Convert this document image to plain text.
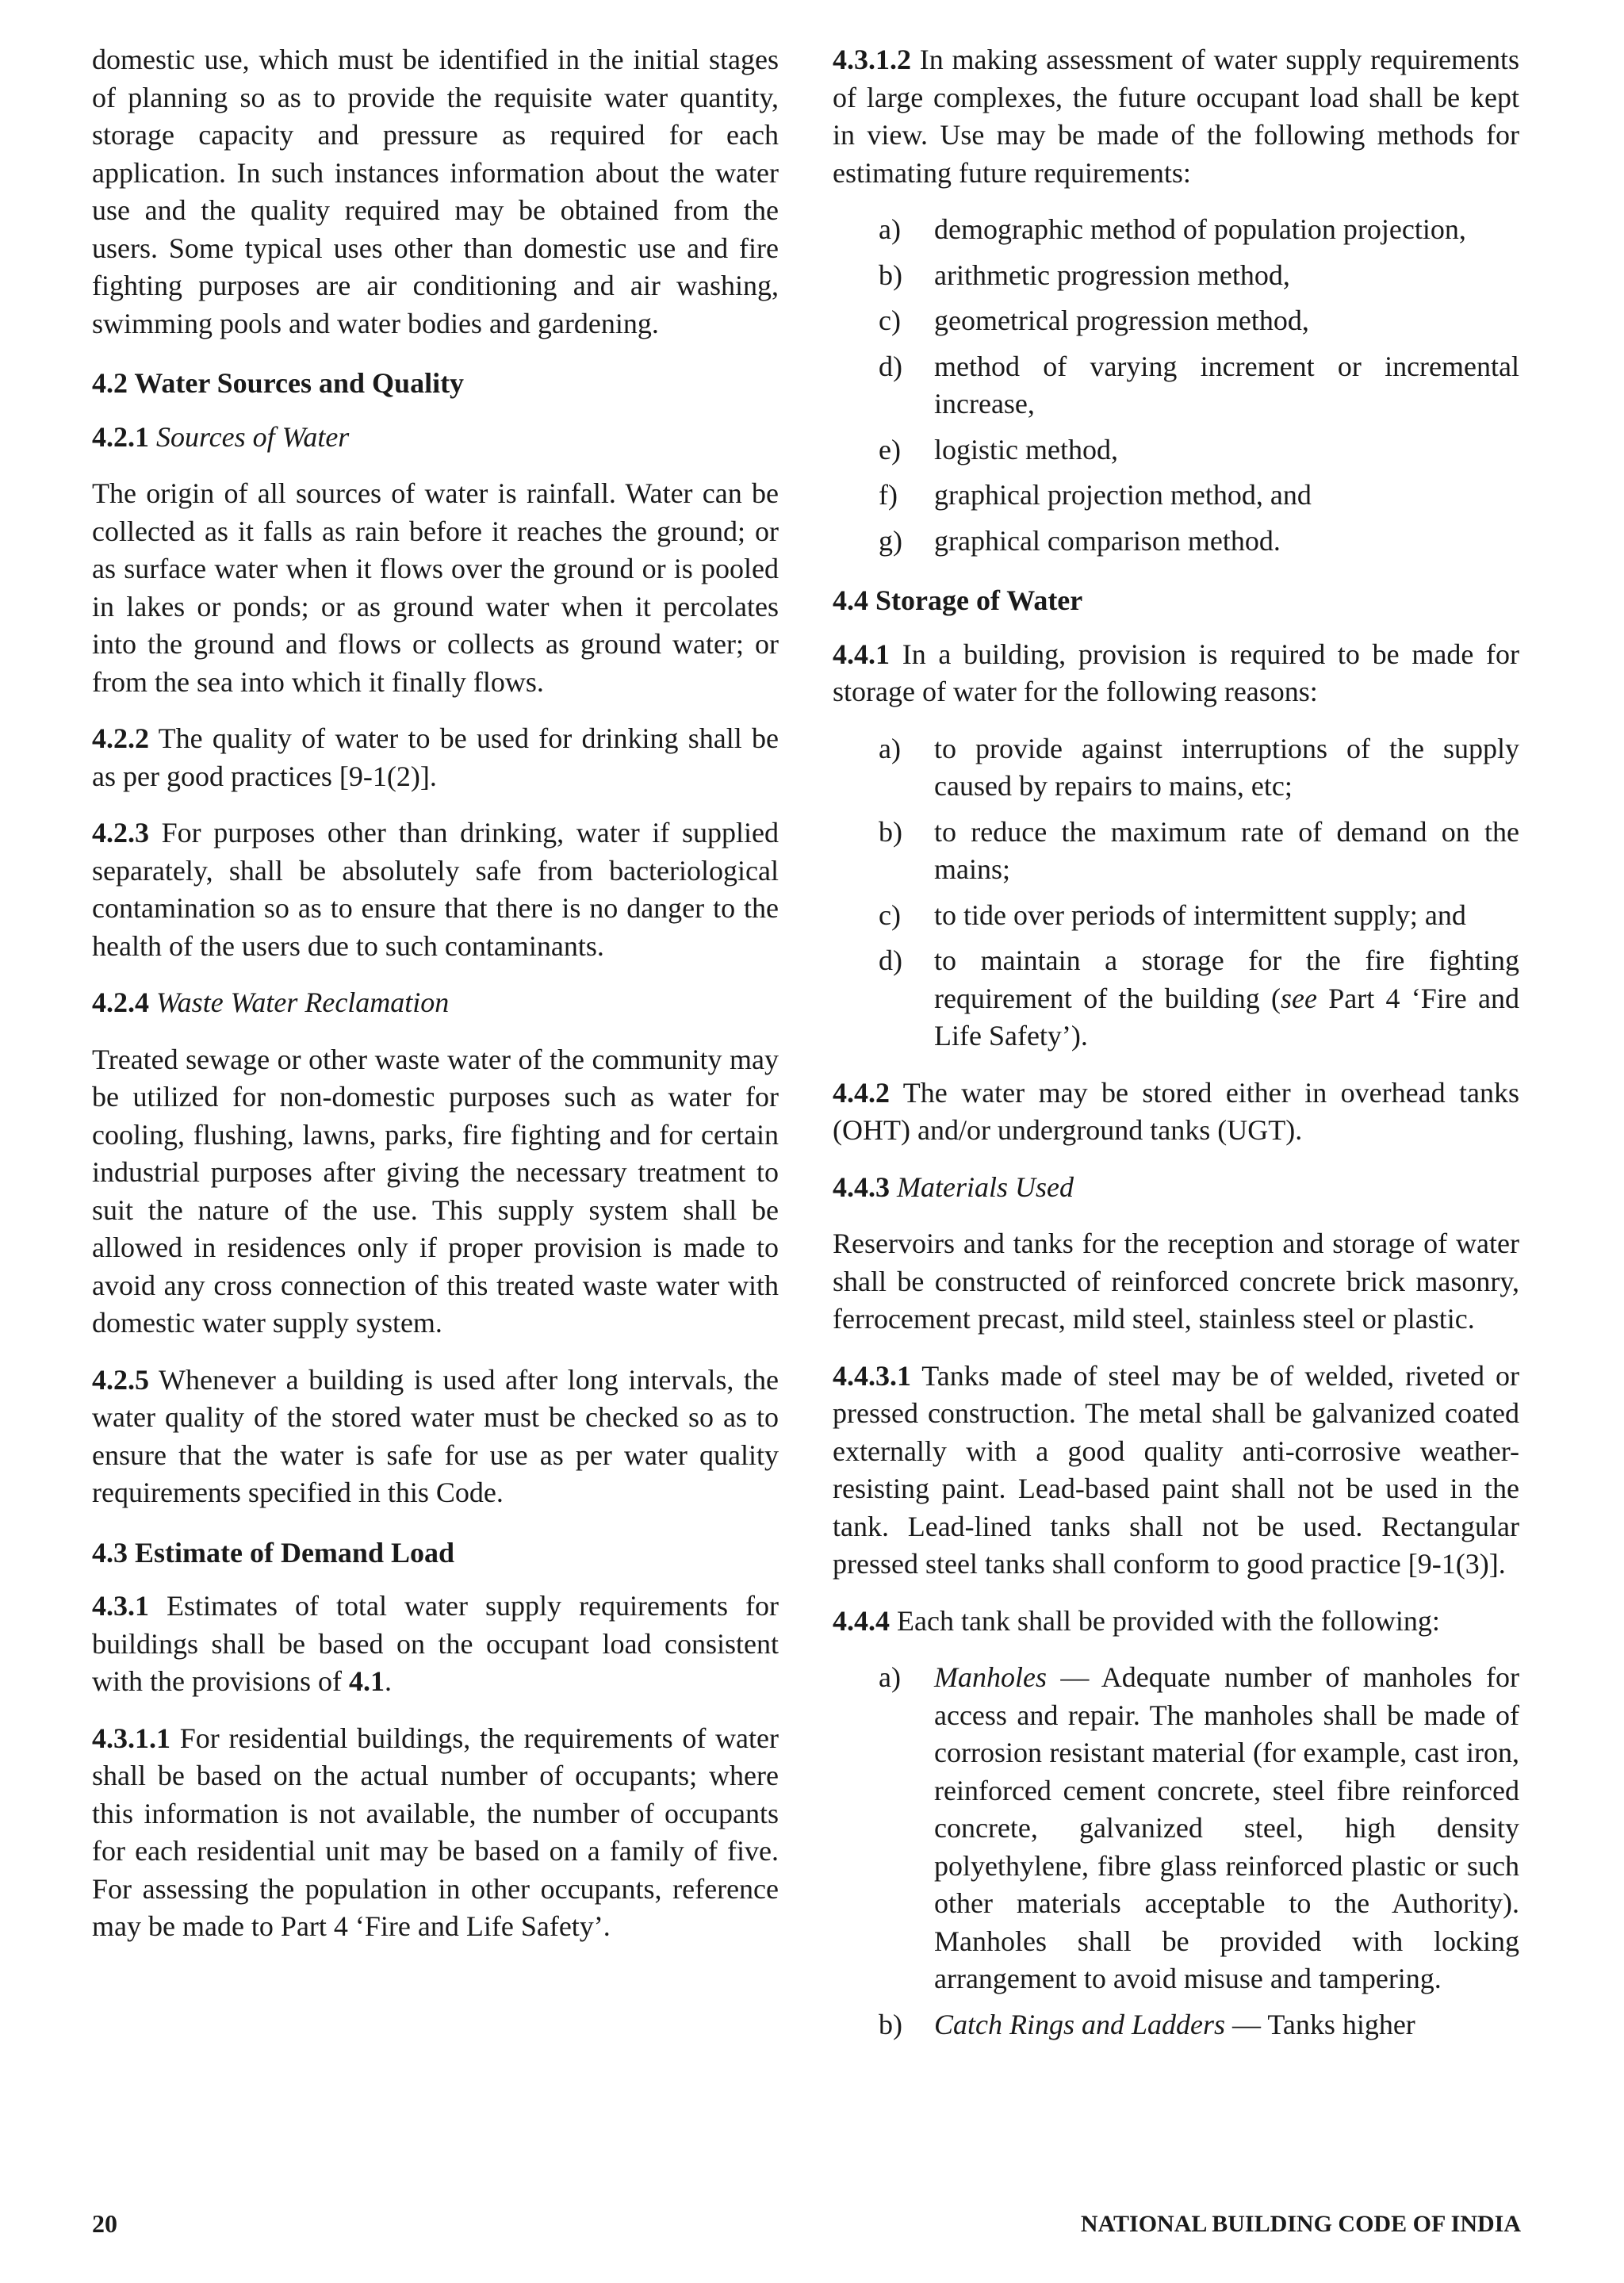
domestic use, which must be identified in the initial stages of planning so as to provide the requisite water quantity, storage capacity and pressure as required for each application. In such instances information about the water use and the quality required may be obtained from the users. Some typical uses other than domestic use and fire fighting purposes are air conditioning and air washing, swimming pools and water bodies and gardening.

4.2 Water Sources and Quality

4.2.1 Sources of Water

The origin of all sources of water is rainfall. Water can be collected as it falls as rain before it reaches the ground; or as surface water when it flows over the ground or is pooled in lakes or ponds; or as ground water when it percolates into the ground and flows or collects as ground water; or from the sea into which it finally flows.

4.2.2 The quality of water to be used for drinking shall be as per good practices [9-1(2)].

4.2.3 For purposes other than drinking, water if supplied separately, shall be absolutely safe from bacteriological contamination so as to ensure that there is no danger to the health of the users due to such contaminants.

4.2.4 Waste Water Reclamation

Treated sewage or other waste water of the community may be utilized for non-domestic purposes such as water for cooling, flushing, lawns, parks, fire fighting and for certain industrial purposes after giving the necessary treatment to suit the nature of the use. This supply system shall be allowed in residences only if proper provision is made to avoid any cross connection of this treated waste water with domestic water supply system.

4.2.5 Whenever a building is used after long intervals, the water quality of the stored water must be checked so as to ensure that the water is safe for use as per water quality requirements specified in this Code.

4.3 Estimate of Demand Load

4.3.1 Estimates of total water supply requirements for buildings shall be based on the occupant load consistent with the provisions of 4.1.

4.3.1.1 For residential buildings, the requirements of water shall be based on the actual number of occupants; where this information is not available, the number of occupants for each residential unit may be based on a family of five. For assessing the population in other occupants, reference may be made to Part 4 ‘Fire and Life Safety’.

4.3.1.2 In making assessment of water supply requirements of large complexes, the future occupant load shall be kept in view. Use may be made of the following methods for estimating future requirements:

a)	demographic method of population projection,
b)	arithmetic progression method,
c)	geometrical progression method,
d)	method of varying increment or incremental increase,
e)	logistic method,
f)	graphical projection method, and
g)	graphical comparison method.
4.4 Storage of Water

4.4.1 In a building, provision is required to be made for storage of water for the following reasons:

a)	to provide against interruptions of the supply caused by repairs to mains, etc;
b)	to reduce the maximum rate of demand on the mains;
c)	to tide over periods of intermittent supply; and
d)	to maintain a storage for the fire fighting requirement of the building (see Part 4 ‘Fire and Life Safety’).

4.4.2 The water may be stored either in overhead tanks (OHT) and/or underground tanks (UGT).

4.4.3 Materials Used

Reservoirs and tanks for the reception and storage of water shall be constructed of reinforced concrete brick masonry, ferrocement precast, mild steel, stainless steel or plastic.

4.4.3.1 Tanks made of steel may be of welded, riveted or pressed construction. The metal shall be galvanized coated externally with a good quality anti-corrosive weather-resisting paint. Lead-based paint shall not be used in the tank. Lead-lined tanks shall not be used. Rectangular pressed steel tanks shall conform to good practice [9-1(3)].

4.4.4 Each tank shall be provided with the following:

a)	Manholes — Adequate number of manholes for access and repair. The manholes shall be made of corrosion resistant material (for example, cast iron, reinforced cement concrete, steel fibre reinforced concrete, galvanized steel, high density polyethylene, fibre glass reinforced plastic or such other materials acceptable to the Authority). Manholes shall be provided with locking arrangement to avoid misuse and tampering.
b)	Catch Rings and Ladders — Tanks higher
20	NATIONAL BUILDING CODE OF INDIA
